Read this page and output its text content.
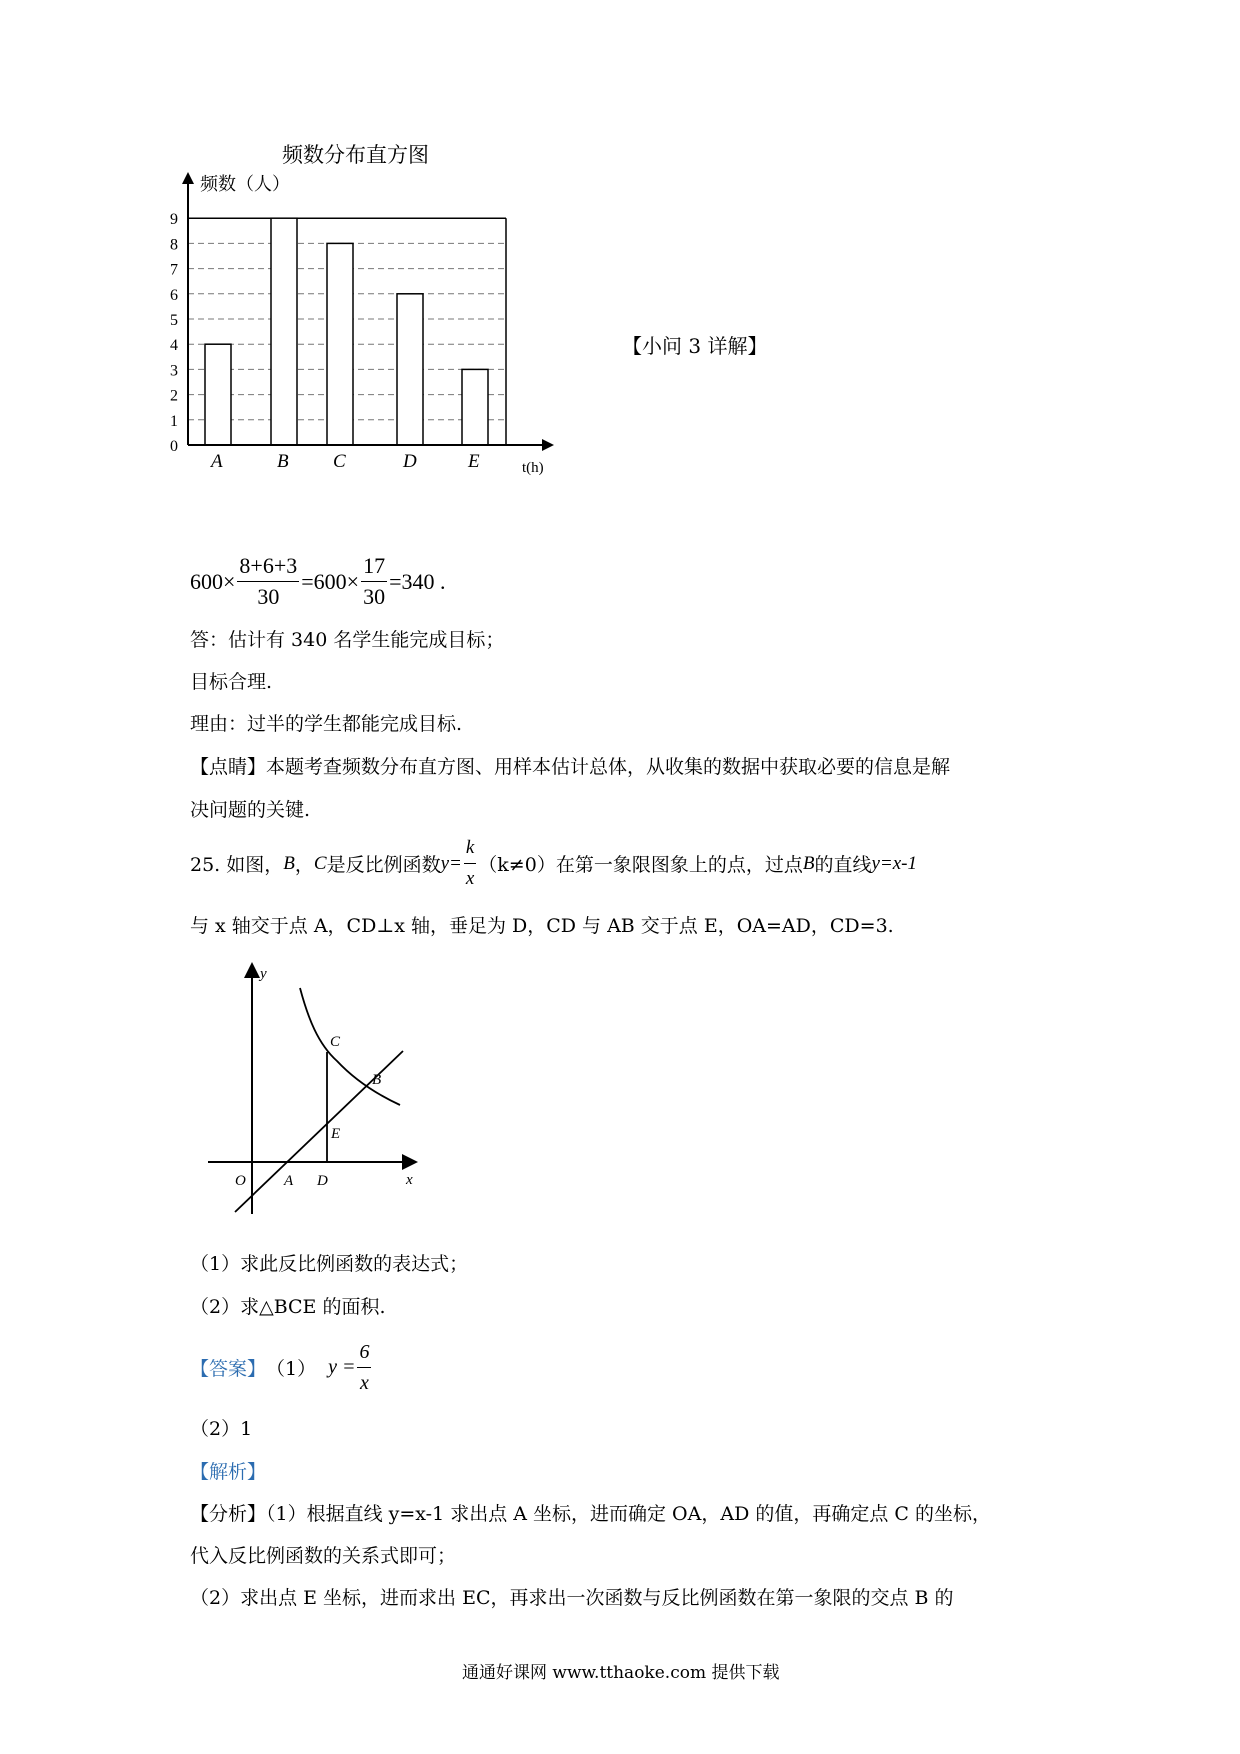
A	B C	D	E
0
1
2
3
4
5
6
7
8
9
频数分布直方图
频数（人）
t(h)
【小问 3 详解】
$600\times \frac{8+6+3}{30} =600\times \frac{17}{30} =340$ .
答：估计有 340 名学生能完成目标；
目标合理.
理由：过半的学生都能完成目标.
【点睛】本题考查频数分布直方图、用样本估计总体，从收集的数据中获取必要的信息是解
决问题的关键.
25. 如图， B ， C 是反比例函数 $y= \frac{k}{x} (k\ne 0)$在第一象限图象上的点，过点 B 的直线 y=x-1
与 x 轴交于点 A，CD⊥x 轴，垂足为 D，CD 与 AB 交于点 E，OA=AD，CD=3.
y
x
O	A D
C
B
E
（1）求此反比例函数的表达式；
（2）求△BCE 的面积.
【答案】 （1） $y = \frac{6}{x}$
（2）1
【解析】
【分析】（1）根据直线 y=x-1 求出点 A 坐标，进而确定 OA，AD 的值，再确定点 C 的坐标，
代入反比例函数的关系式即可；
（2）求出点 E 坐标，进而求出 EC，再求出一次函数与反比例函数在第一象限的交点 B 的
通通好课网 www.tthaoke.com 提供下载
